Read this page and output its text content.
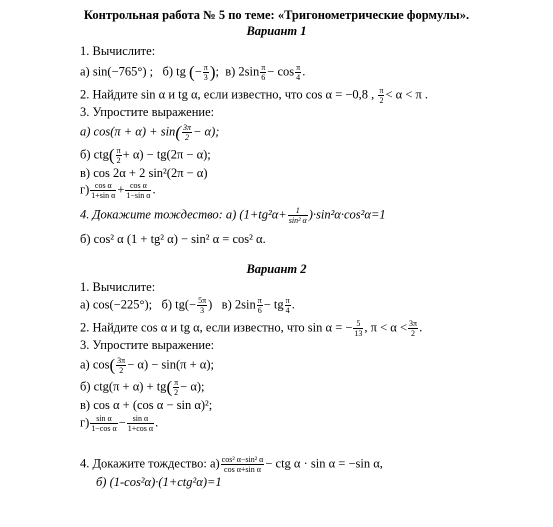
Контрольная работа № 5 по теме: «Тригонометрические формулы».
Вариант 1
1. Вычислите:
а) sin(−765°) ; б) tg (− $\frac{\pi}{3}$ );  в) $2\sin \frac{\pi}{6} - \cos \frac{\pi}{4}$ .
2. Найдите sin α и tg α, если известно, что cos α = −0,8 , $\frac{\pi}{2} < \alpha < \pi$ .
3. Упростите выражение:
а) $\cos(\pi + \alpha) + \sin( \frac{3\pi}{2} - \alpha)$;
б) $ctg( \frac{\pi}{2} + \alpha) - tg(2\pi - \alpha)$;
в) cos 2α + 2 sin²(2π − α)
$г) \frac{\text{cos α}}{\text{1+sin α}} + \frac{\text{cos α}}{\text{1−sin α}}$ .
4. Докажите тождество: а) $(1+tg^2\alpha+ \frac{1}{\text{sin² α}} )\cdot\sin^2\alpha\cdot\cos^2\alpha=1$
б) cos² α (1 + tg² α) − sin² α = cos² α.
Вариант 2
1. Вычислите:
а) cos(−225°); б) $tg(- \frac{5\pi}{3}$ )   в) $2\sin \frac{\pi}{6}$ − tg $\frac{\pi}{4}$ .
2. Найдите cos α и tg α, если известно, что sin α = − $\frac{5}{13}$ , $\pi < \alpha < \frac{3\pi}{2}$ .
3. Упростите выражение:
а) $\cos( \frac{3\pi}{2} - \alpha) - \sin(\pi + \alpha)$;
б) $ctg(\pi + \alpha) + tg( \frac{\pi}{2} - \alpha)$;
в) cos α + (cos α − sin α)²;
$г) \frac{\text{sin α}}{\text{1−cos α}} - \frac{\text{sin α}}{\text{1+cos α}}$ .
4. Докажите тождество: $а) \frac{\text{cos² α−sin² α}}{\text{cos α+sin α}}$ − ctg α · sin α = −sin α,
б) (1-cos²α)·(1+ctg²α)=1
